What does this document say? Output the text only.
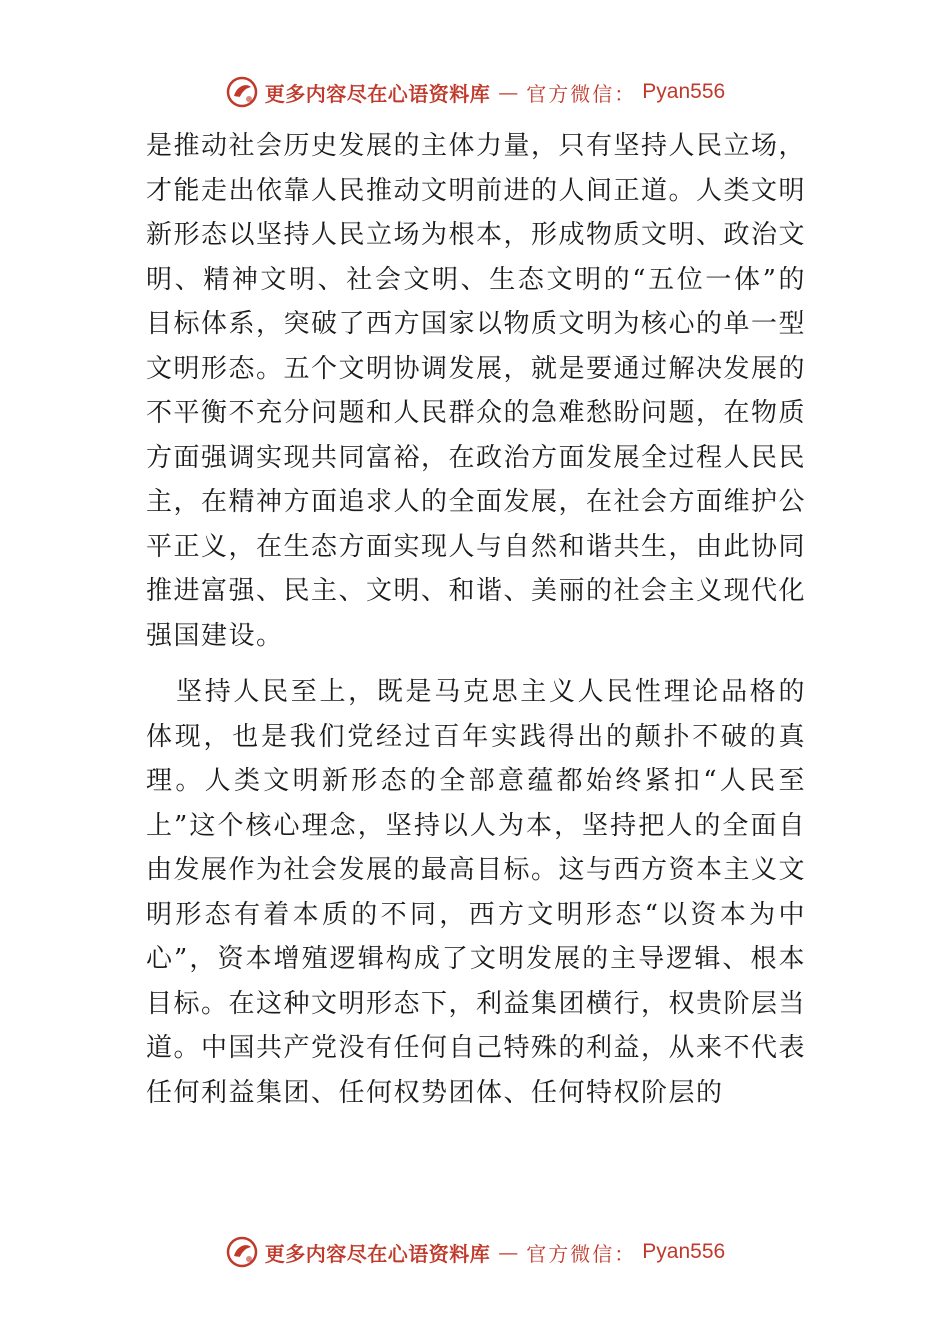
更多内容尽在心语资料库 — 官方微信： Pyan556

是推动社会历史发展的主体力量，只有坚持人民立场，才能走出依靠人民推动文明前进的人间正道。人类文明新形态以坚持人民立场为根本，形成物质文明、政治文明、精神文明、社会文明、生态文明的“五位一体”的目标体系，突破了西方国家以物质文明为核心的单一型文明形态。五个文明协调发展，就是要通过解决发展的不平衡不充分问题和人民群众的急难愁盼问题，在物质方面强调实现共同富裕，在政治方面发展全过程人民民主，在精神方面追求人的全面发展，在社会方面维护公平正义，在生态方面实现人与自然和谐共生，由此协同推进富强、民主、文明、和谐、美丽的社会主义现代化强国建设。

坚持人民至上，既是马克思主义人民性理论品格的体现，也是我们党经过百年实践得出的颠扑不破的真理。人类文明新形态的全部意蕴都始终紧扣“人民至上”这个核心理念，坚持以人为本，坚持把人的全面自由发展作为社会发展的最高目标。这与西方资本主义文明形态有着本质的不同，西方文明形态“以资本为中心”，资本增殖逻辑构成了文明发展的主导逻辑、根本目标。在这种文明形态下，利益集团横行，权贵阶层当道。中国共产党没有任何自己特殊的利益，从来不代表任何利益集团、任何权势团体、任何特权阶层的

更多内容尽在心语资料库 — 官方微信： Pyan556
